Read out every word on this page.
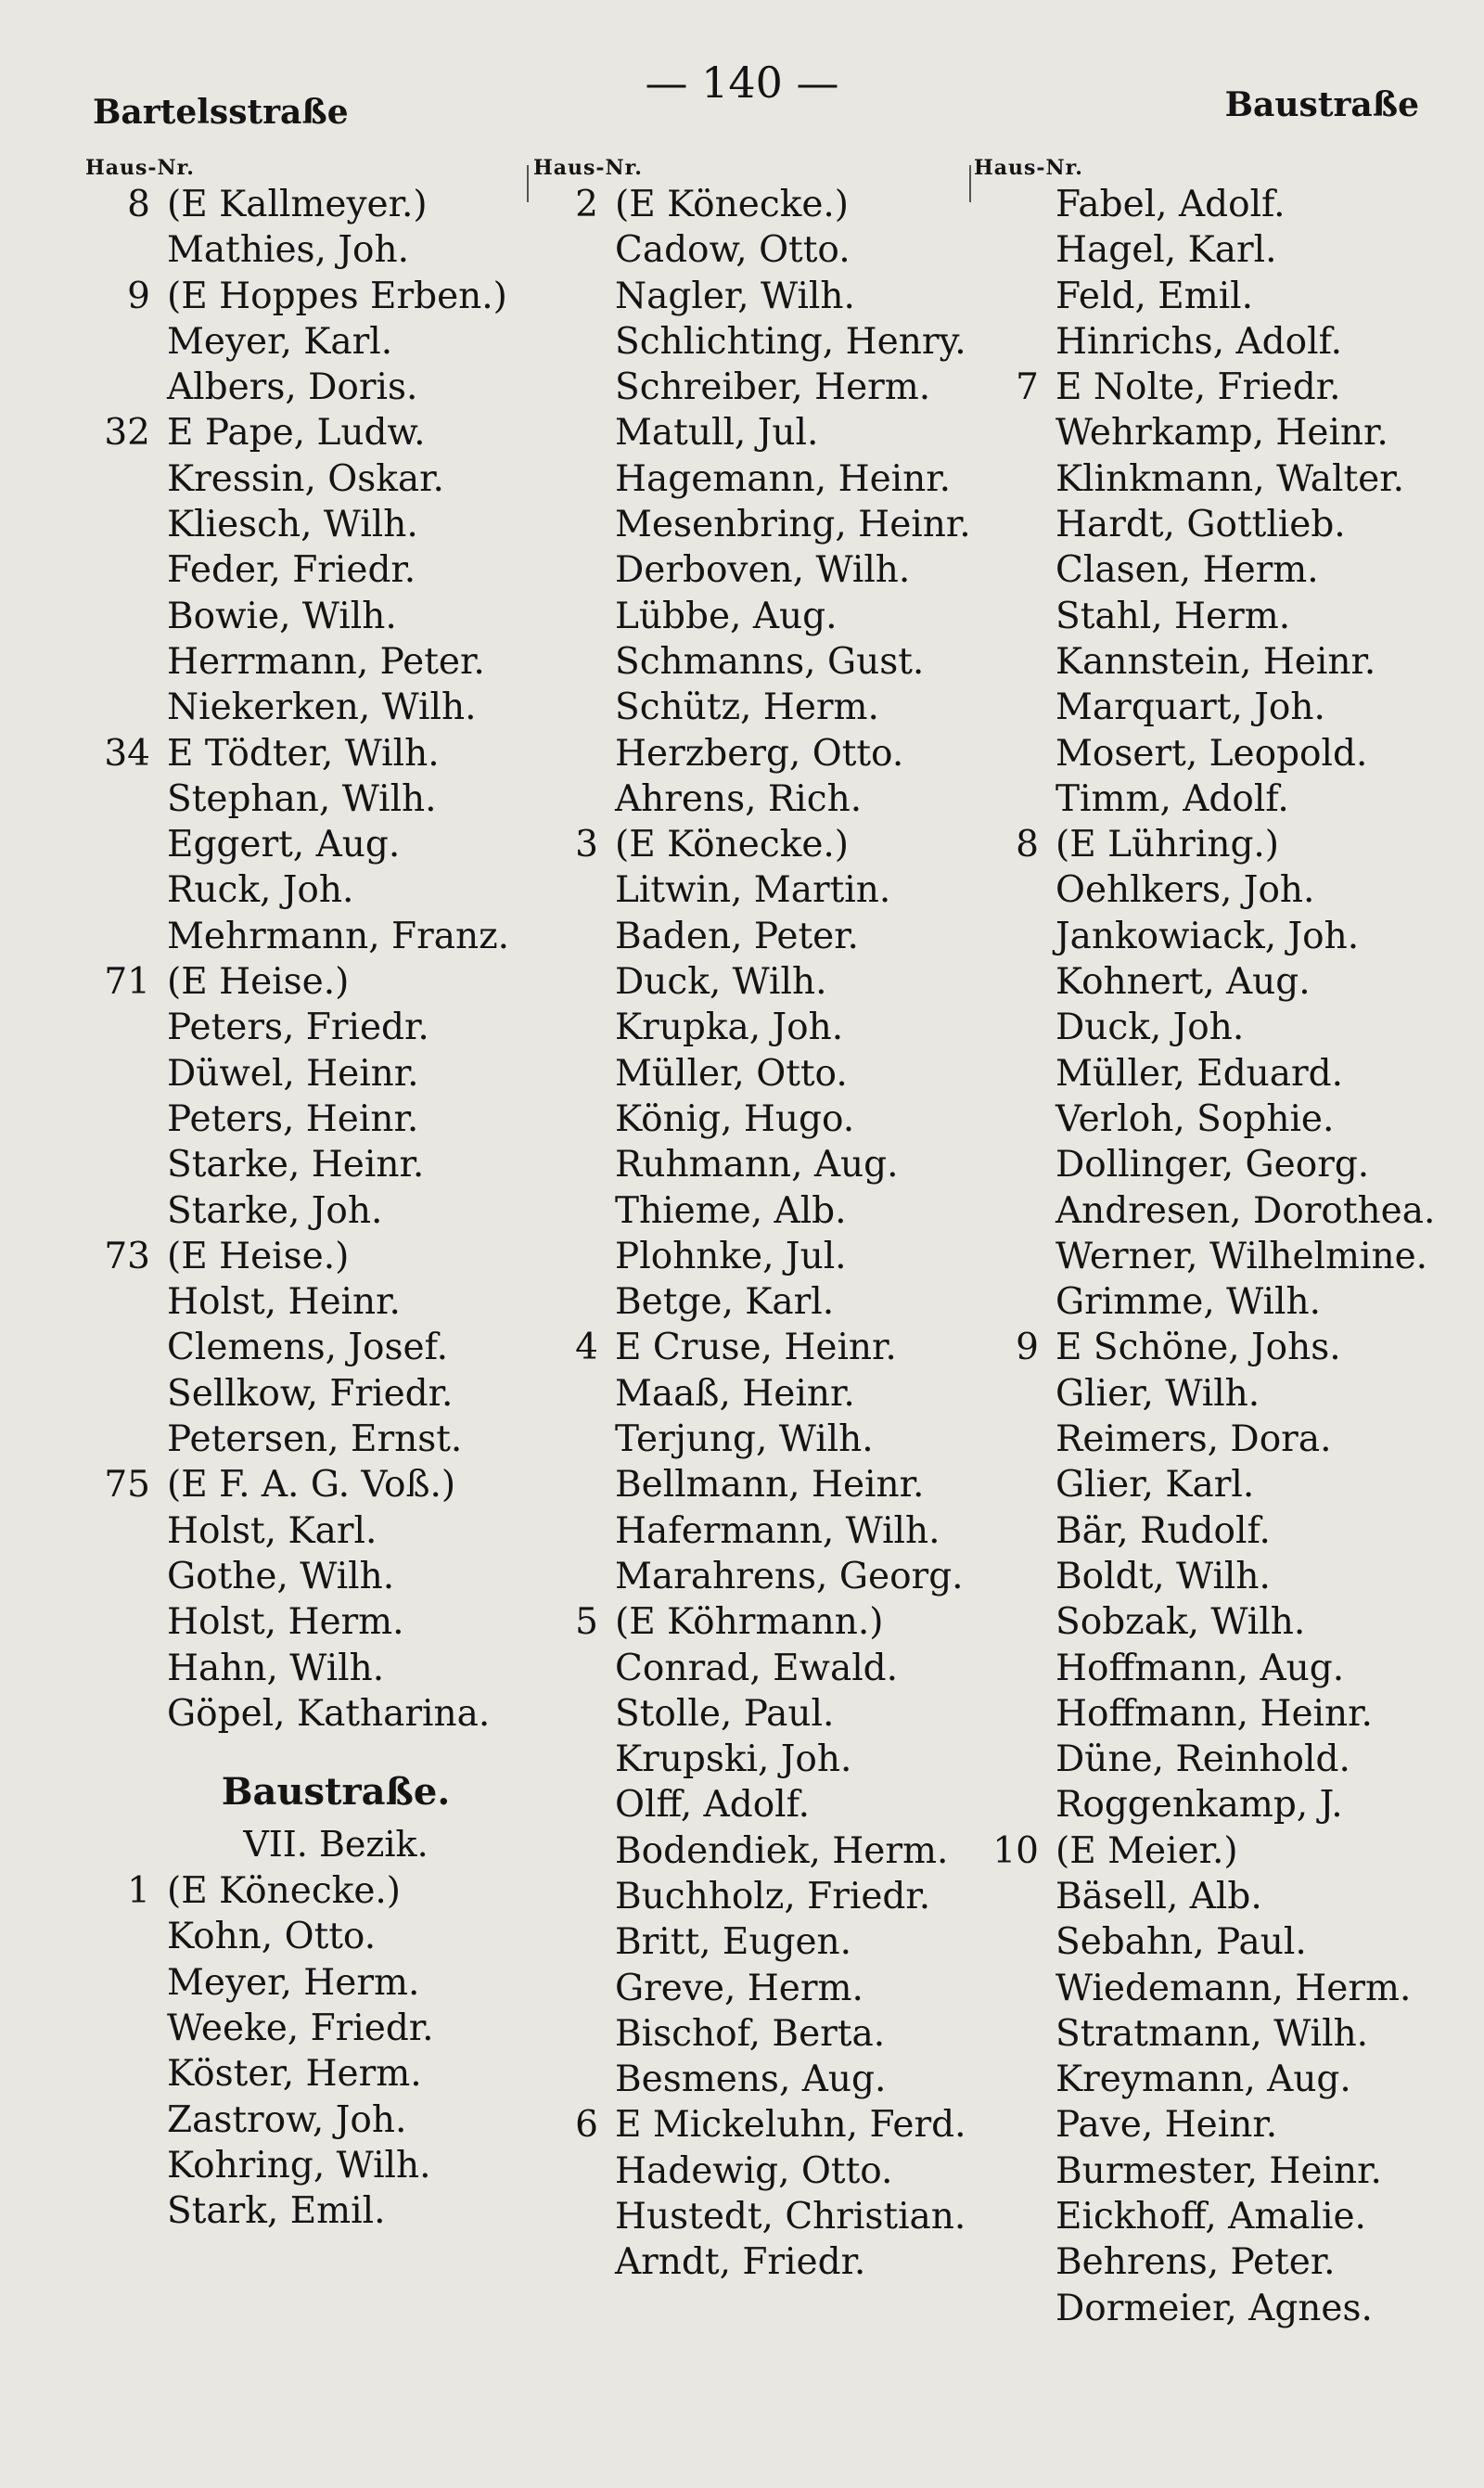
Bartelsstraße
— 140 —	Baustraße
Haus-Nr.
8 (E Kallmeyer.)
Mathies, Joh.
9 (E Hoppes Erben.)
Meyer, Karl.
Albers, Doris.
32 E Pape, Ludw.
Kressin, Oskar.
Kliesch, Wilh.
Feder, Friedr.
Bowie, Wilh.
Herrmann, Peter.
Niekerken, Wilh.
34 E Tödter, Wilh.
Stephan, Wilh.
Eggert, Aug.
Ruck, Joh.
Mehrmann, Franz.
71 (E Heise.)
Peters, Friedr.
Düwel, Heinr.
Peters, Heinr.
Starke, Heinr.
Starke, Joh.
73 (E Heise.)
Holst, Heinr.
Clemens, Josef.
Sellkow, Friedr.
Petersen, Ernst.
75 (E F. A. G. Voß.)
Holst, Karl.
Gothe, Wilh.
Holst, Herm.
Hahn, Wilh.
Göpel, Katharina.
Baustraße.
VII. Bezik.
1 (E Könecke.)
Kohn, Otto.
Meyer, Herm.
Weeke, Friedr.
Köster, Herm.
Zastrow, Joh.
Kohring, Wilh.
Stark, Emil.
Haus-Nr.
2 (E Könecke.)
Cadow, Otto.
Nagler, Wilh.
Schlichting, Henry.
Schreiber, Herm.
Matull, Jul.
Hagemann, Heinr.
Mesenbring, Heinr.
Derboven, Wilh.
Lübbe, Aug.
Schmanns, Gust.
Schütz, Herm.
Herzberg, Otto.
Ahrens, Rich.
3 (E Könecke.)
Litwin, Martin.
Baden, Peter.
Duck, Wilh.
Krupka, Joh.
Müller, Otto.
König, Hugo.
Ruhmann, Aug.
Thieme, Alb.
Plohnke, Jul.
Betge, Karl.
4 E Cruse, Heinr.
Maaß, Heinr.
Terjung, Wilh.
Bellmann, Heinr.
Hafermann, Wilh.
Marahrens, Georg.
5 (E Köhrmann.)
Conrad, Ewald.
Stolle, Paul.
Krupski, Joh.
Olff, Adolf.
Bodendiek, Herm.
Buchholz, Friedr.
Britt, Eugen.
Greve, Herm.
Bischof, Berta.
Besmens, Aug.
6 E Mickeluhn, Ferd.
Hadewig, Otto.
Hustedt, Christian.
Arndt, Friedr.
Haus-Nr.
Fabel, Adolf.
Hagel, Karl.
Feld, Emil.
Hinrichs, Adolf.
7 E Nolte, Friedr.
Wehrkamp, Heinr.
Klinkmann, Walter.
Hardt, Gottlieb.
Clasen, Herm.
Stahl, Herm.
Kannstein, Heinr.
Marquart, Joh.
Mosert, Leopold.
Timm, Adolf.
8 (E Lühring.)
Oehlkers, Joh.
Jankowiack, Joh.
Kohnert, Aug.
Duck, Joh.
Müller, Eduard.
Verloh, Sophie.
Dollinger, Georg.
Andresen, Dorothea.
Werner, Wilhelmine.
Grimme, Wilh.
9 E Schöne, Johs.
Glier, Wilh.
Reimers, Dora.
Glier, Karl.
Bär, Rudolf.
Boldt, Wilh.
Sobzak, Wilh.
Hoffmann, Aug.
Hoffmann, Heinr.
Düne, Reinhold.
Roggenkamp, J.
10 (E Meier.)
Bäsell, Alb.
Sebahn, Paul.
Wiedemann, Herm.
Stratmann, Wilh.
Kreymann, Aug.
Pave, Heinr.
Burmester, Heinr.
Eickhoff, Amalie.
Behrens, Peter.
Dormeier, Agnes.
